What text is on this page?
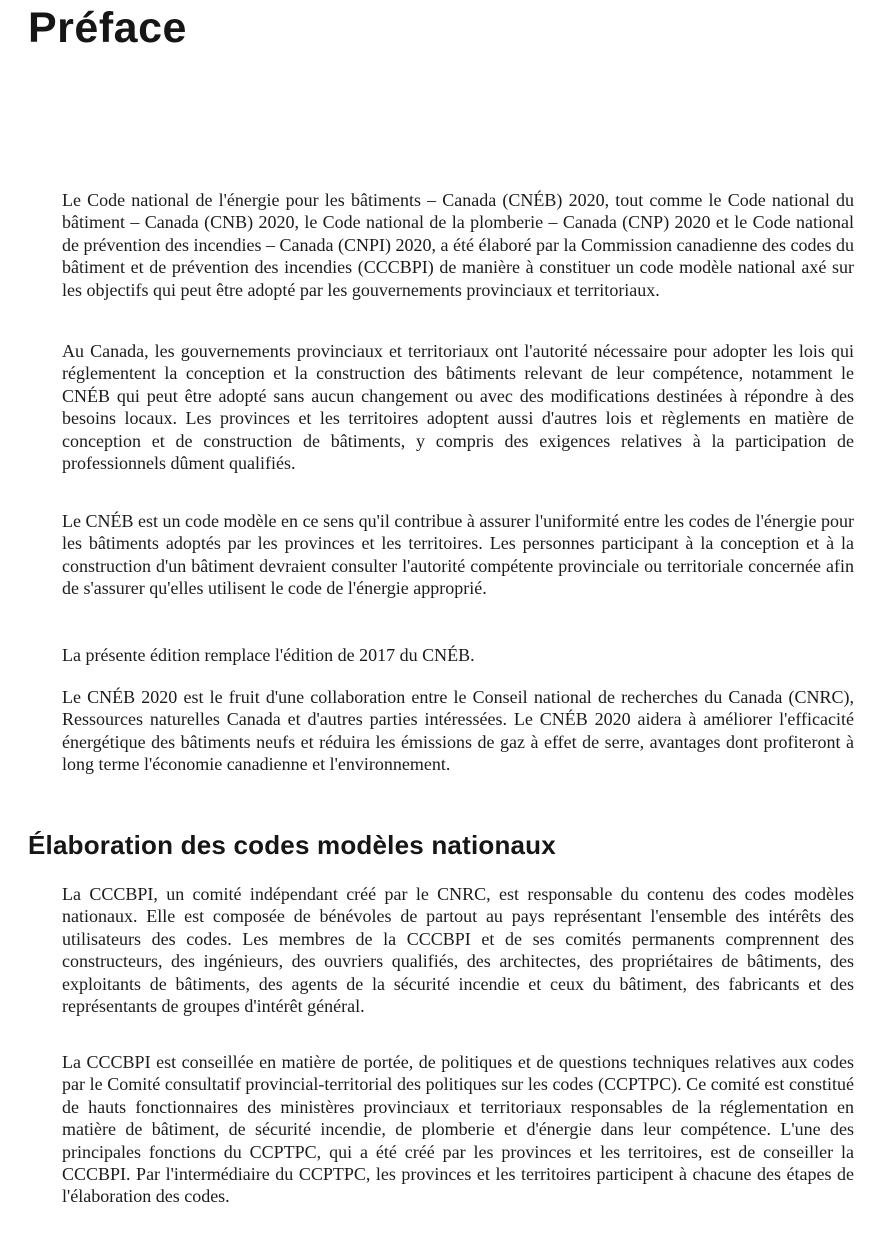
Préface

Le Code national de l'énergie pour les bâtiments – Canada (CNÉB) 2020, tout comme le Code national du bâtiment – Canada (CNB) 2020, le Code national de la plomberie – Canada (CNP) 2020 et le Code national de prévention des incendies – Canada (CNPI) 2020, a été élaboré par la Commission canadienne des codes du bâtiment et de prévention des incendies (CCCBPI) de manière à constituer un code modèle national axé sur les objectifs qui peut être adopté par les gouvernements provinciaux et territoriaux.

Au Canada, les gouvernements provinciaux et territoriaux ont l'autorité nécessaire pour adopter les lois qui réglementent la conception et la construction des bâtiments relevant de leur compétence, notamment le CNÉB qui peut être adopté sans aucun changement ou avec des modifications destinées à répondre à des besoins locaux. Les provinces et les territoires adoptent aussi d'autres lois et règlements en matière de conception et de construction de bâtiments, y compris des exigences relatives à la participation de professionnels dûment qualifiés.

Le CNÉB est un code modèle en ce sens qu'il contribue à assurer l'uniformité entre les codes de l'énergie pour les bâtiments adoptés par les provinces et les territoires. Les personnes participant à la conception et à la construction d'un bâtiment devraient consulter l'autorité compétente provinciale ou territoriale concernée afin de s'assurer qu'elles utilisent le code de l'énergie approprié.

La présente édition remplace l'édition de 2017 du CNÉB.

Le CNÉB 2020 est le fruit d'une collaboration entre le Conseil national de recherches du Canada (CNRC), Ressources naturelles Canada et d'autres parties intéressées. Le CNÉB 2020 aidera à améliorer l'efficacité énergétique des bâtiments neufs et réduira les émissions de gaz à effet de serre, avantages dont profiteront à long terme l'économie canadienne et l'environnement.

Élaboration des codes modèles nationaux

La CCCBPI, un comité indépendant créé par le CNRC, est responsable du contenu des codes modèles nationaux. Elle est composée de bénévoles de partout au pays représentant l'ensemble des intérêts des utilisateurs des codes. Les membres de la CCCBPI et de ses comités permanents comprennent des constructeurs, des ingénieurs, des ouvriers qualifiés, des architectes, des propriétaires de bâtiments, des exploitants de bâtiments, des agents de la sécurité incendie et ceux du bâtiment, des fabricants et des représentants de groupes d'intérêt général.

La CCCBPI est conseillée en matière de portée, de politiques et de questions techniques relatives aux codes par le Comité consultatif provincial-territorial des politiques sur les codes (CCPTPC). Ce comité est constitué de hauts fonctionnaires des ministères provinciaux et territoriaux responsables de la réglementation en matière de bâtiment, de sécurité incendie, de plomberie et d'énergie dans leur compétence. L'une des principales fonctions du CCPTPC, qui a été créé par les provinces et les territoires, est de conseiller la CCCBPI. Par l'intermédiaire du CCPTPC, les provinces et les territoires participent à chacune des étapes de l'élaboration des codes.
